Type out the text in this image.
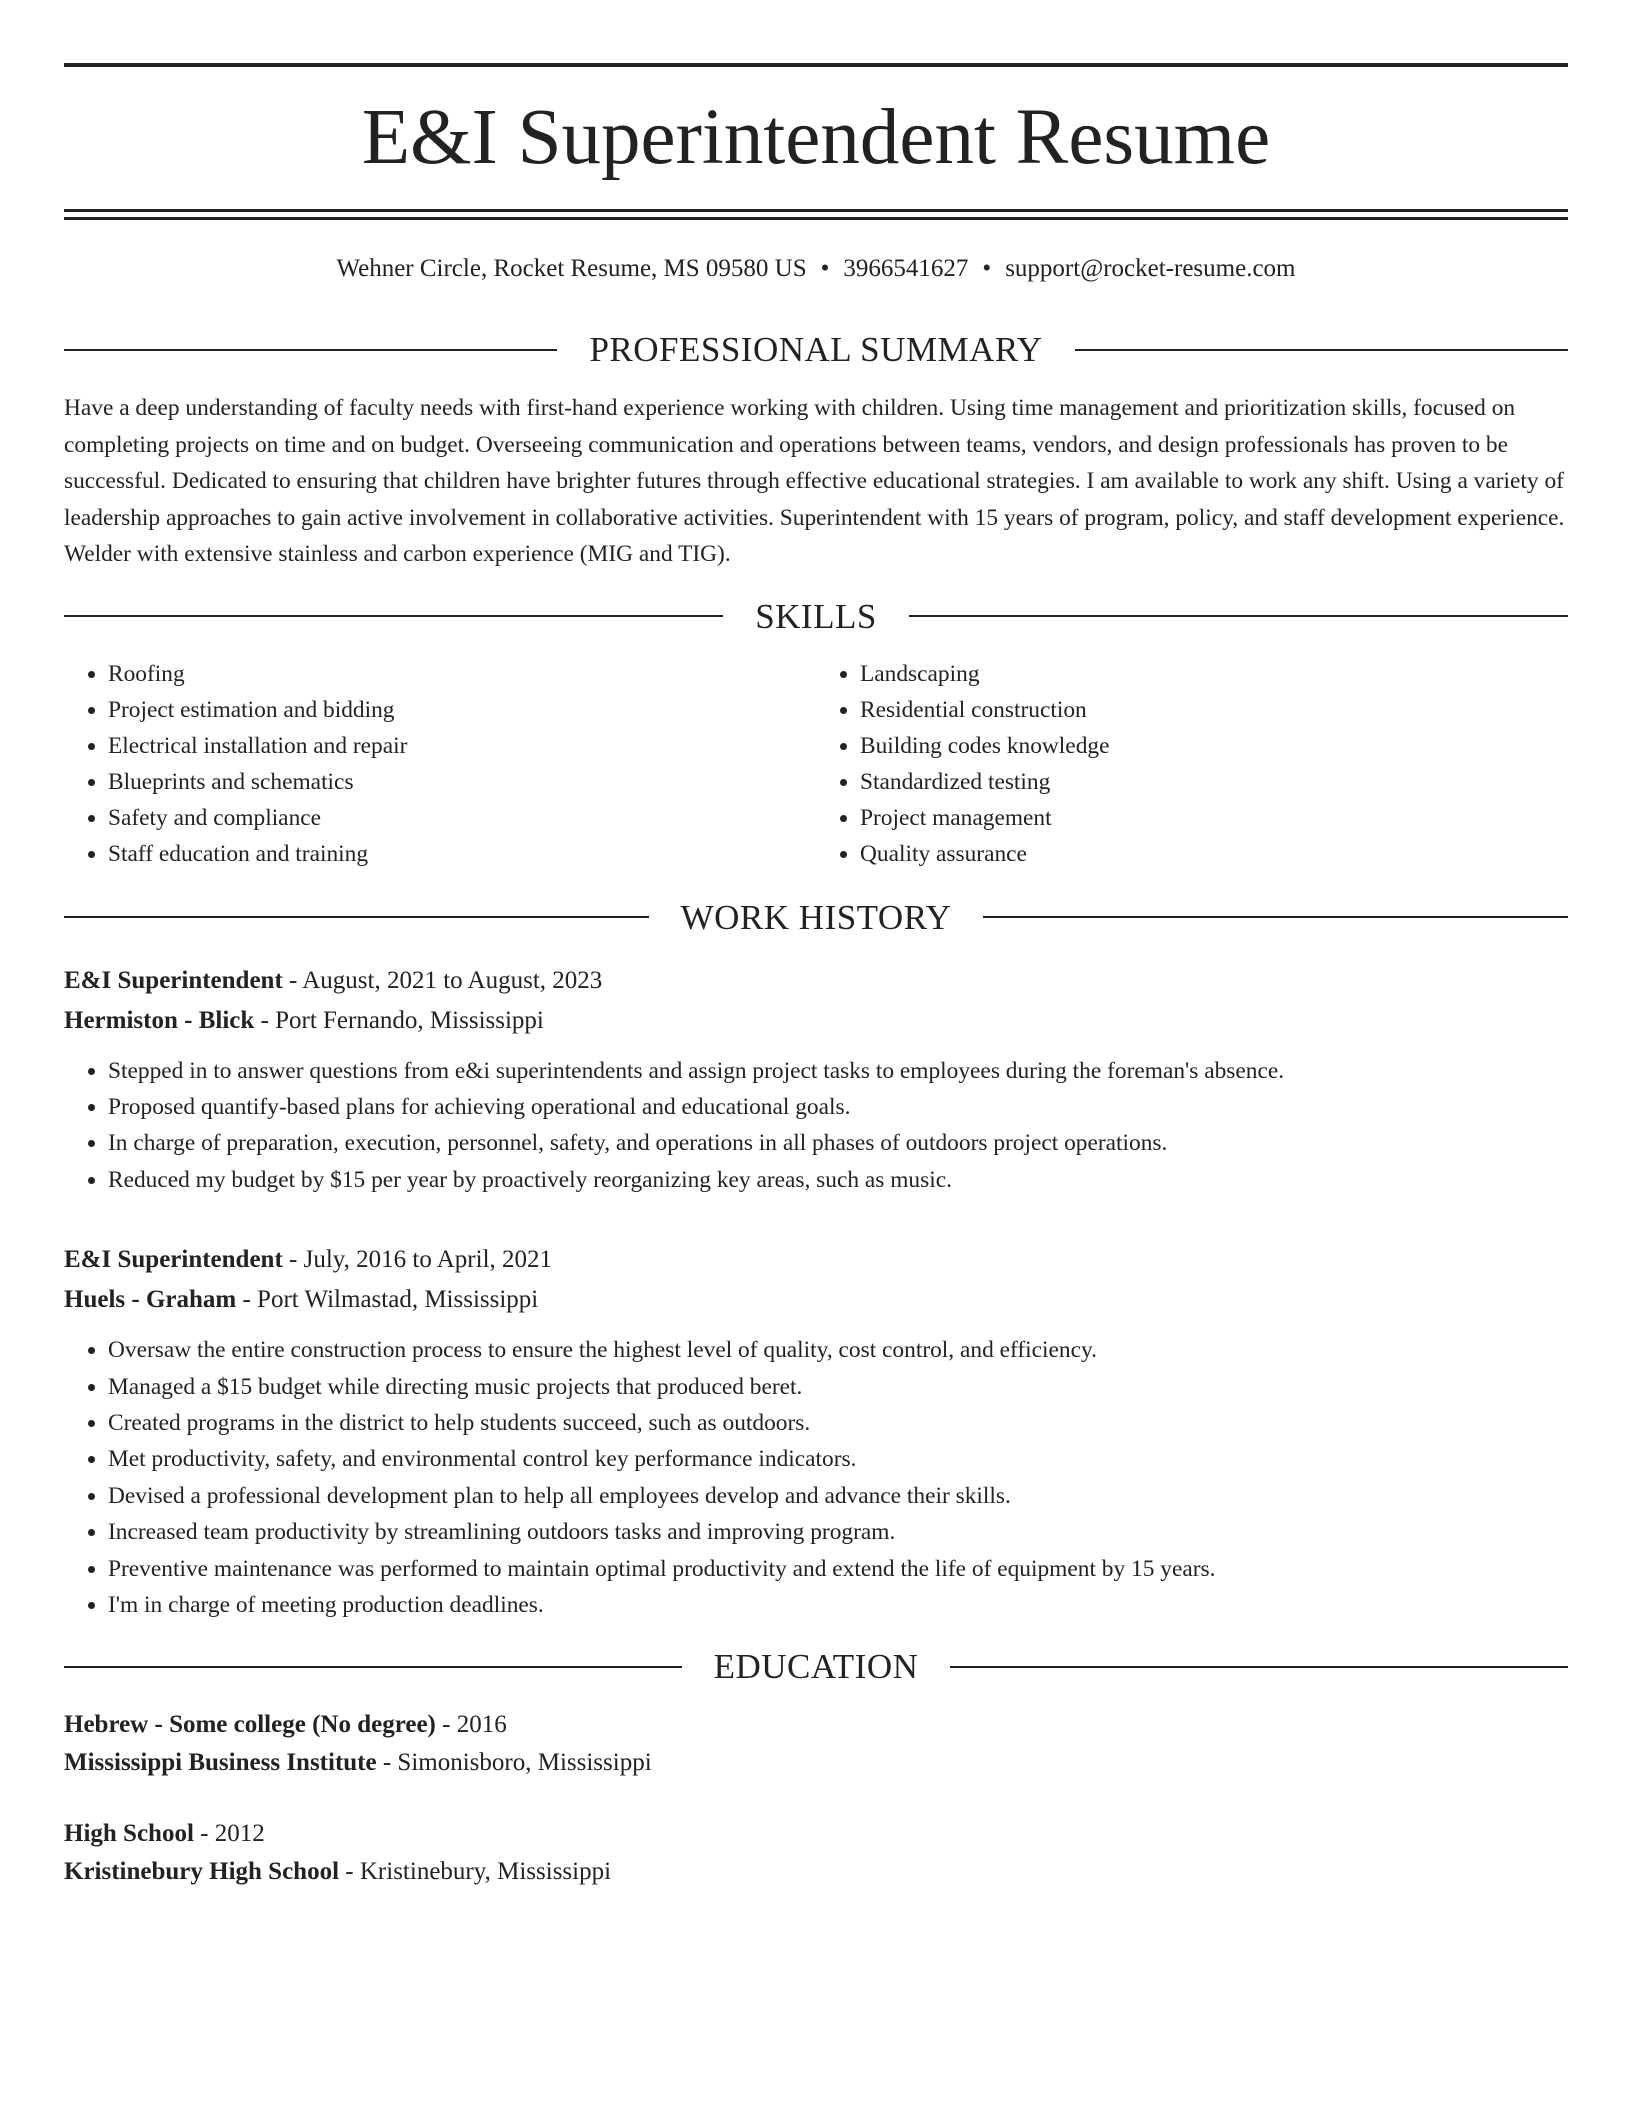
E&I Superintendent Resume
Wehner Circle, Rocket Resume, MS 09580 US • 3966541627 • support@rocket-resume.com
PROFESSIONAL SUMMARY

Have a deep understanding of faculty needs with first-hand experience working with children. Using time management and prioritization skills, focused on completing projects on time and on budget. Overseeing communication and operations between teams, vendors, and design professionals has proven to be successful. Dedicated to ensuring that children have brighter futures through effective educational strategies. I am available to work any shift. Using a variety of leadership approaches to gain active involvement in collaborative activities. Superintendent with 15 years of program, policy, and staff development experience. Welder with extensive stainless and carbon experience (MIG and TIG).

SKILLS
• Roofing
• Project estimation and bidding
• Electrical installation and repair
• Blueprints and schematics
• Safety and compliance
• Staff education and training
• Landscaping
• Residential construction
• Building codes knowledge
• Standardized testing
• Project management
• Quality assurance
WORK HISTORY
E&I Superintendent - August, 2021 to August, 2023
Hermiston - Blick - Port Fernando, Mississippi
• Stepped in to answer questions from e&i superintendents and assign project tasks to employees during the foreman's absence.
• Proposed quantify-based plans for achieving operational and educational goals.
• In charge of preparation, execution, personnel, safety, and operations in all phases of outdoors project operations.
• Reduced my budget by $15 per year by proactively reorganizing key areas, such as music.
E&I Superintendent - July, 2016 to April, 2021
Huels - Graham - Port Wilmastad, Mississippi
• Oversaw the entire construction process to ensure the highest level of quality, cost control, and efficiency.
• Managed a $15 budget while directing music projects that produced beret.
• Created programs in the district to help students succeed, such as outdoors.
• Met productivity, safety, and environmental control key performance indicators.
• Devised a professional development plan to help all employees develop and advance their skills.
• Increased team productivity by streamlining outdoors tasks and improving program.
• Preventive maintenance was performed to maintain optimal productivity and extend the life of equipment by 15 years.
• I'm in charge of meeting production deadlines.
EDUCATION
Hebrew - Some college (No degree) - 2016
Mississippi Business Institute - Simonisboro, Mississippi
High School - 2012
Kristinebury High School - Kristinebury, Mississippi
